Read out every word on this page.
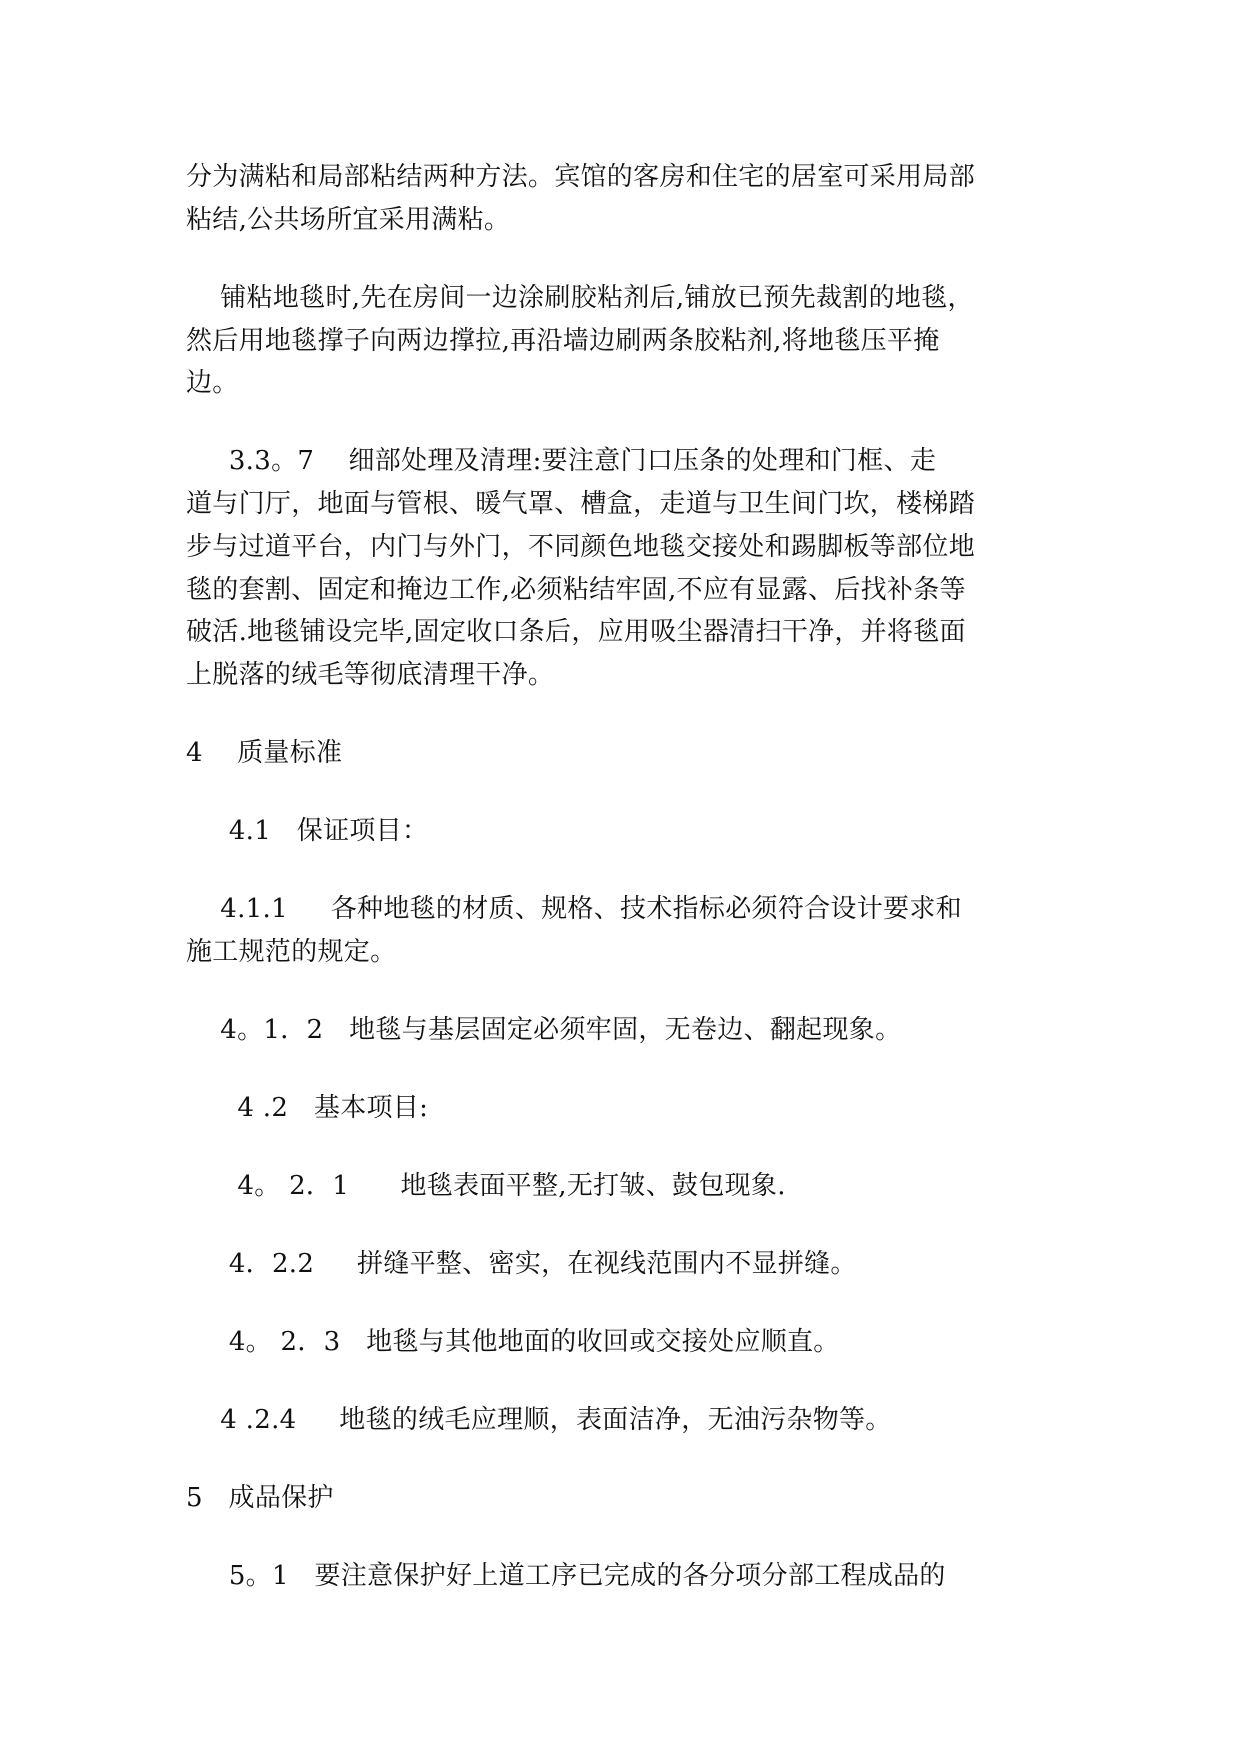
分为满粘和局部粘结两种方法。宾馆的客房和住宅的居室可采用局部
粘结,公共场所宜采用满粘。
铺粘地毯时,先在房间一边涂刷胶粘剂后,铺放已预先裁割的地毯，
然后用地毯撑子向两边撑拉,再沿墙边刷两条胶粘剂,将地毯压平掩
边。
3.3。7    细部处理及清理:要注意门口压条的处理和门框、走
道与门厅，地面与管根、暖气罩、槽盒，走道与卫生间门坎，楼梯踏
步与过道平台，内门与外门，不同颜色地毯交接处和踢脚板等部位地
毯的套割、固定和掩边工作,必须粘结牢固,不应有显露、后找补条等
破活.地毯铺设完毕,固定收口条后，应用吸尘器清扫干净，并将毯面
上脱落的绒毛等彻底清理干净。
4    质量标准
4.1   保证项目：
4.1.1     各种地毯的材质、规格、技术指标必须符合设计要求和
施工规范的规定。
4。1．2   地毯与基层固定必须牢固，无卷边、翻起现象。
4 .2   基本项目:
4。 2．1      地毯表面平整,无打皱、鼓包现象.
4．2.2     拼缝平整、密实，在视线范围内不显拼缝。
4。 2．3   地毯与其他地面的收回或交接处应顺直。
4 .2.4     地毯的绒毛应理顺，表面洁净，无油污杂物等。
5   成品保护
5。1   要注意保护好上道工序已完成的各分项分部工程成品的
